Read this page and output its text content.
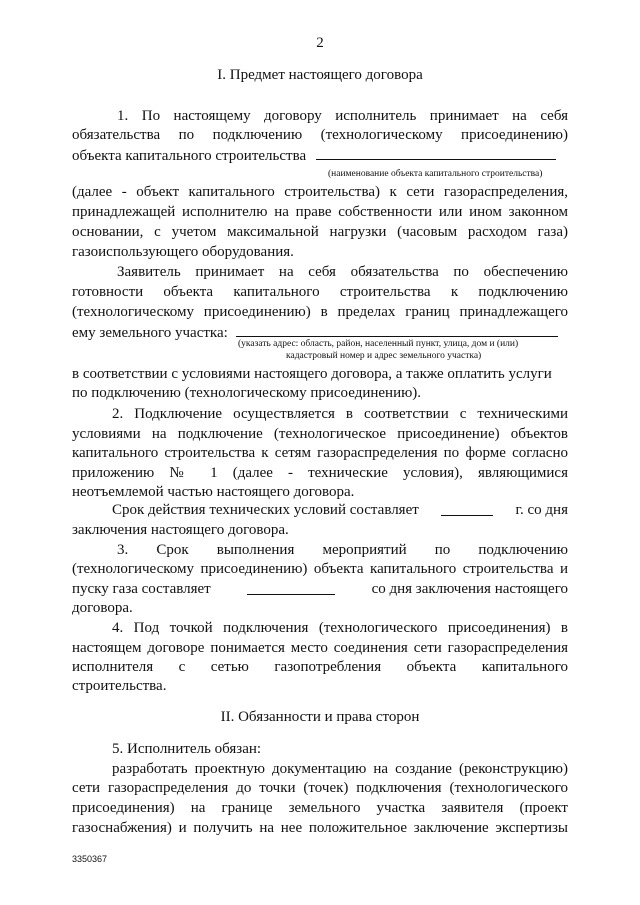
2
I. Предмет настоящего договора
1. По настоящему договору исполнитель принимает на себя
обязательства по подключению (технологическому присоединению)
объекта капитального строительства
(наименование объекта капитального строительства)
(далее - объект капитального строительства) к сети газораспределения,
принадлежащей исполнителю на праве собственности или ином законном
основании, с учетом максимальной нагрузки (часовым расходом газа)
газоиспользующего оборудования.
Заявитель принимает на себя обязательства по обеспечению
готовности объекта капитального строительства к подключению
(технологическому присоединению) в пределах границ принадлежащего
ему земельного участка:
(указать адрес: область, район, населенный пункт, улица, дом и (или)
кадастровый номер и адрес земельного участка)
в соответствии с условиями настоящего договора, а также оплатить услуги
по подключению (технологическому присоединению).
2. Подключение осуществляется в соответствии с техническими
условиями на подключение (технологическое присоединение) объектов
капитального строительства к сетям газораспределения по форме согласно
приложению № 1 (далее - технические условия), являющимися
неотъемлемой частью настоящего договора.
Срок действия технических условий составляет	г. со дня
заключения настоящего договора.
3. Срок выполнения мероприятий по подключению
(технологическому присоединению) объекта капитального строительства и
пуску газа составляет	со дня заключения настоящего
договора.
4. Под точкой подключения (технологического присоединения) в
настоящем договоре понимается место соединения сети газораспределения
исполнителя с сетью газопотребления объекта капитального
строительства.
II. Обязанности и права сторон
5. Исполнитель обязан:
разработать проектную документацию на создание (реконструкцию)
сети газораспределения до точки (точек) подключения (технологического
присоединения) на границе земельного участка заявителя (проект
газоснабжения) и получить на нее положительное заключение экспертизы
3350367
